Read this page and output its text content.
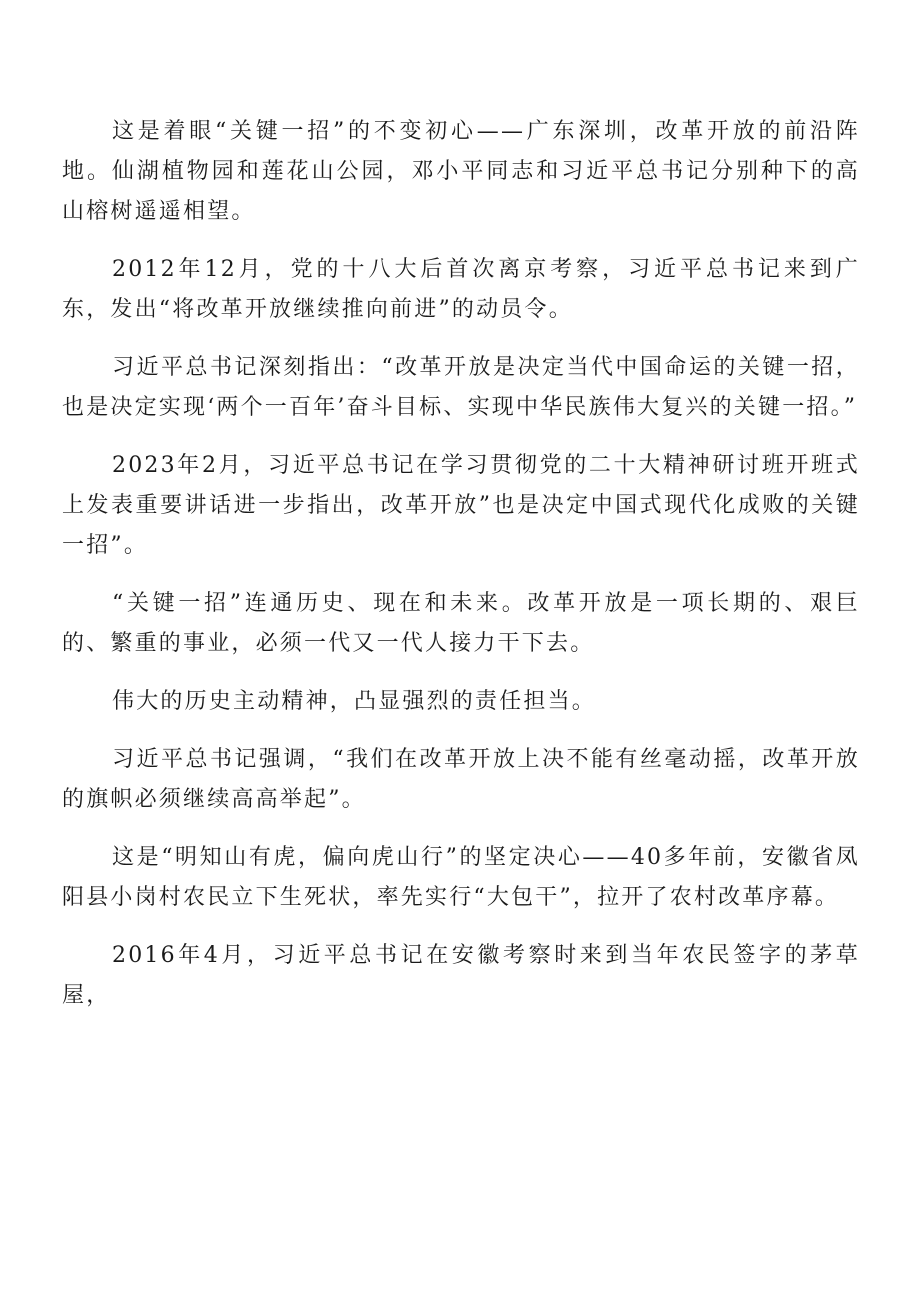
这是着眼“关键一招”的不变初心——广东深圳，改革开放的前沿阵地。仙湖植物园和莲花山公园，邓小平同志和习近平总书记分别种下的高山榕树遥遥相望。

2012年12月，党的十八大后首次离京考察，习近平总书记来到广东，发出“将改革开放继续推向前进”的动员令。

习近平总书记深刻指出：“改革开放是决定当代中国命运的关键一招，也是决定实现‘两个一百年’奋斗目标、实现中华民族伟大复兴的关键一招。”

2023年2月，习近平总书记在学习贯彻党的二十大精神研讨班开班式上发表重要讲话进一步指出，改革开放”也是决定中国式现代化成败的关键一招”。

“关键一招”连通历史、现在和未来。改革开放是一项长期的、艰巨的、繁重的事业，必须一代又一代人接力干下去。

伟大的历史主动精神，凸显强烈的责任担当。

习近平总书记强调，“我们在改革开放上决不能有丝毫动摇，改革开放的旗帜必须继续高高举起”。

这是“明知山有虎，偏向虎山行”的坚定决心——40多年前，安徽省凤阳县小岗村农民立下生死状，率先实行“大包干”，拉开了农村改革序幕。

2016年4月，习近平总书记在安徽考察时来到当年农民签字的茅草屋，
